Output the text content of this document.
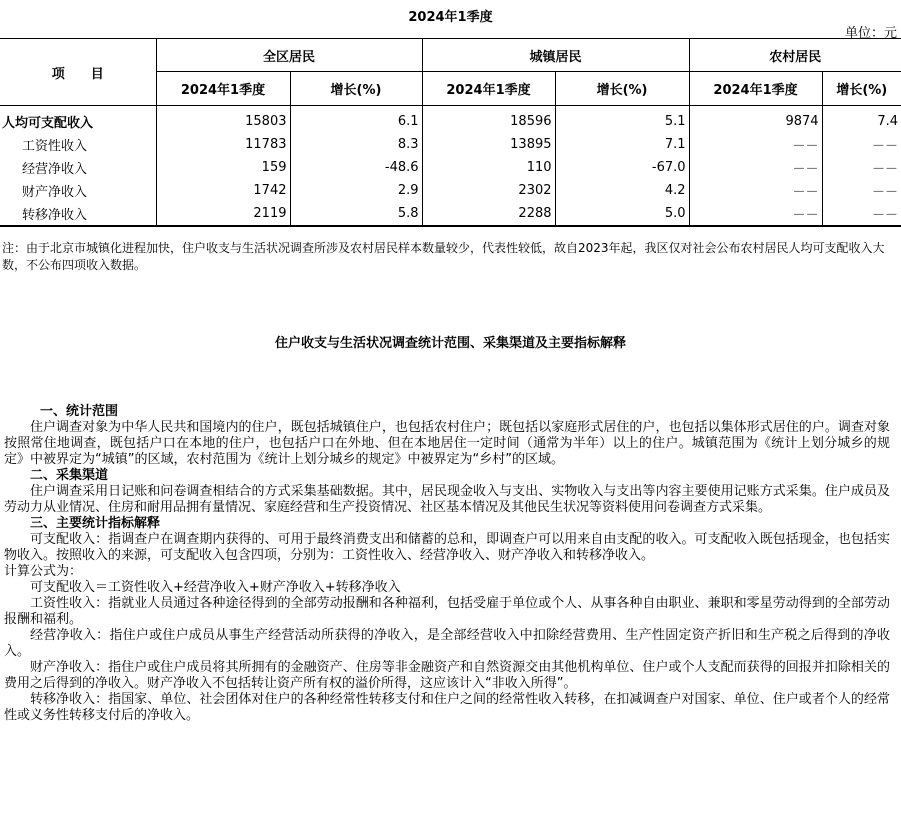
2024年1季度
单位：元
项　　目	全区居民		城镇居民		农村居民	
	2024年1季度	增长(%)	2024年1季度	增长(%)	2024年1季度	增长(%)
人均可支配收入	15803	6.1	18596	5.1	9874	7.4
工资性收入	11783	8.3	13895	7.1	－－	－－
经营净收入	159	-48.6	110	-67.0	－－	－－
财产净收入	1742	2.9	2302	4.2	－－	－－
转移净收入	2119	5.8	2288	5.0	－－	－－
注：由于北京市城镇化进程加快，住户收支与生活状况调查所涉及农村居民样本数量较少，代表性较低，故自2023年起，我区仅对社会公布农村居民人均可支配收入大数，不公布四项收入数据。
住户收支与生活状况调查统计范围、采集渠道及主要指标解释

一、统计范围

住户调查对象为中华人民共和国境内的住户，既包括城镇住户，也包括农村住户；既包括以家庭形式居住的户，也包括以集体形式居住的户。调查对象按照常住地调查，既包括户口在本地的住户，也包括户口在外地、但在本地居住一定时间（通常为半年）以上的住户。城镇范围为《统计上划分城乡的规定》中被界定为“城镇”的区域，农村范围为《统计上划分城乡的规定》中被界定为“乡村”的区域。

二、采集渠道

住户调查采用日记账和问卷调查相结合的方式采集基础数据。其中，居民现金收入与支出、实物收入与支出等内容主要使用记账方式采集。住户成员及劳动力从业情况、住房和耐用品拥有量情况、家庭经营和生产投资情况、社区基本情况及其他民生状况等资料使用问卷调查方式采集。

三、主要统计指标解释

可支配收入：指调查户在调查期内获得的、可用于最终消费支出和储蓄的总和，即调查户可以用来自由支配的收入。可支配收入既包括现金，也包括实物收入。按照收入的来源，可支配收入包含四项，分别为：工资性收入、经营净收入、财产净收入和转移净收入。

计算公式为：

可支配收入＝工资性收入+经营净收入+财产净收入+转移净收入

工资性收入：指就业人员通过各种途径得到的全部劳动报酬和各种福利，包括受雇于单位或个人、从事各种自由职业、兼职和零星劳动得到的全部劳动报酬和福利。

经营净收入：指住户或住户成员从事生产经营活动所获得的净收入，是全部经营收入中扣除经营费用、生产性固定资产折旧和生产税之后得到的净收入。

财产净收入：指住户或住户成员将其所拥有的金融资产、住房等非金融资产和自然资源交由其他机构单位、住户或个人支配而获得的回报并扣除相关的费用之后得到的净收入。财产净收入不包括转让资产所有权的溢价所得，这应该计入“非收入所得”。

转移净收入：指国家、单位、社会团体对住户的各种经常性转移支付和住户之间的经常性收入转移，在扣减调查户对国家、单位、住户或者个人的经常性或义务性转移支付后的净收入。
